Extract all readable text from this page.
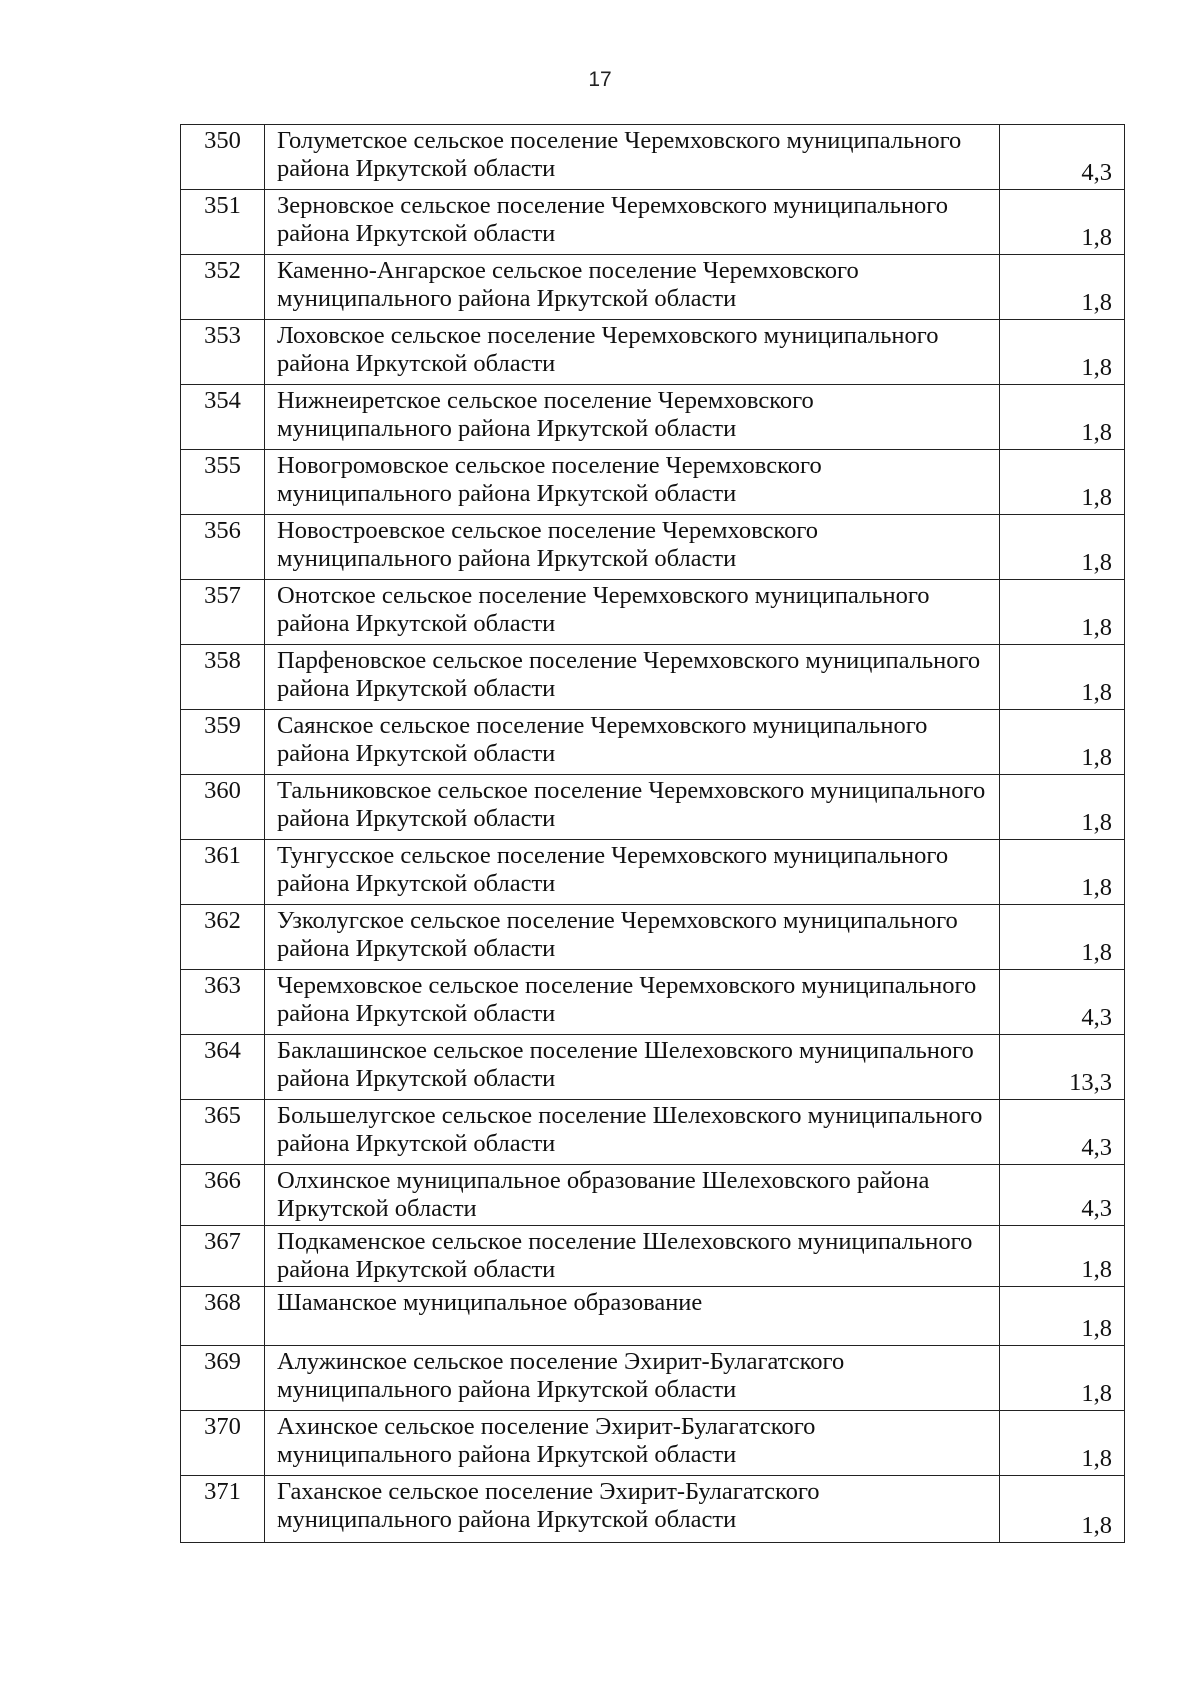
17
350	Голуметское сельское поселение Черемховского муниципального района Иркутской области	4,3
351	Зерновское сельское поселение Черемховского муниципального района Иркутской области	1,8
352	Каменно-Ангарское сельское поселение Черемховского муниципального района Иркутской области	1,8
353	Лоховское сельское поселение Черемховского муниципального района Иркутской области	1,8
354	Нижнеиретское сельское поселение Черемховского муниципального района Иркутской области	1,8
355	Новогромовское сельское поселение Черемховского муниципального района Иркутской области	1,8
356	Новостроевское сельское поселение Черемховского муниципального района Иркутской области	1,8
357	Онотское сельское поселение Черемховского муниципального района Иркутской области	1,8
358	Парфеновское сельское поселение Черемховского муниципального района Иркутской области	1,8
359	Саянское сельское поселение Черемховского муниципального района Иркутской области	1,8
360	Тальниковское сельское поселение Черемховского муниципального района Иркутской области	1,8
361	Тунгусское сельское поселение Черемховского муниципального района Иркутской области	1,8
362	Узколугское сельское поселение Черемховского муниципального района Иркутской области	1,8
363	Черемховское сельское поселение Черемховского муниципального района Иркутской области	4,3
364	Баклашинское сельское поселение Шелеховского муниципального района Иркутской области	13,3
365	Большелугское сельское поселение Шелеховского муниципального района Иркутской области	4,3
366	Олхинское муниципальное образование Шелеховского района Иркутской области	4,3
367	Подкаменское сельское поселение Шелеховского муниципального района Иркутской области	1,8
368	Шаманское муниципальное образование	1,8
369	Алужинское сельское поселение Эхирит-Булагатского муниципального района Иркутской области	1,8
370	Ахинское сельское поселение Эхирит-Булагатского муниципального района Иркутской области	1,8
371	Гаханское сельское поселение Эхирит-Булагатского муниципального района Иркутской области	1,8
